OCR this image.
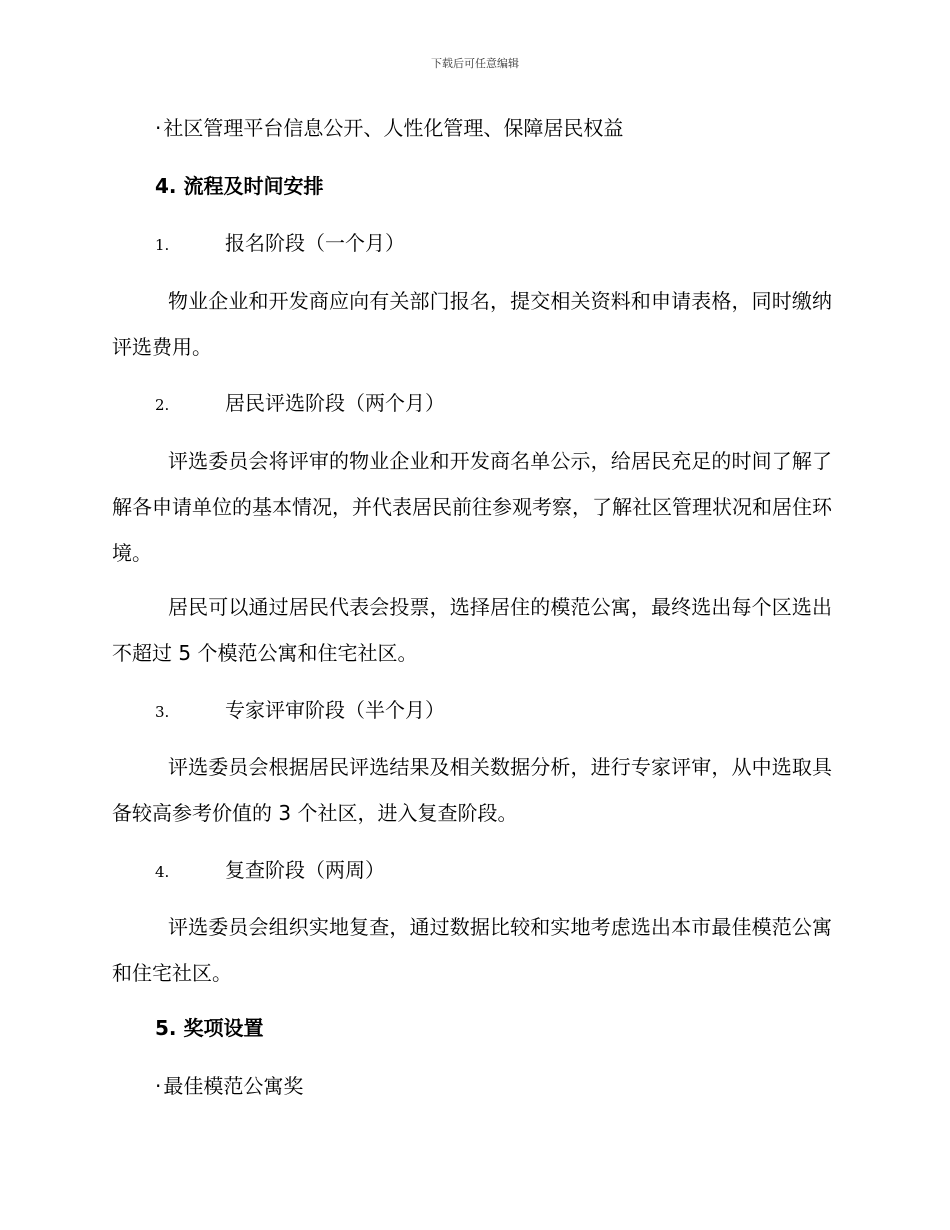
下载后可任意编辑
· 社区管理平台信息公开、人性化管理、保障居民权益
4. 流程及时间安排
1.	报名阶段（一个月）

物业企业和开发商应向有关部门报名，提交相关资料和申请表格，同时缴纳评选费用。

2.	居民评选阶段（两个月）

评选委员会将评审的物业企业和开发商名单公示，给居民充足的时间了解了解各申请单位的基本情况，并代表居民前往参观考察，了解社区管理状况和居住环境。

居民可以通过居民代表会投票，选择居住的模范公寓，最终选出每个区选出不超过 5 个模范公寓和住宅社区。

3.	专家评审阶段（半个月）

评选委员会根据居民评选结果及相关数据分析，进行专家评审，从中选取具备较高参考价值的 3 个社区，进入复查阶段。

4.	复查阶段（两周）

评选委员会组织实地复查，通过数据比较和实地考虑选出本市最佳模范公寓和住宅社区。

5. 奖项设置
· 最佳模范公寓奖
